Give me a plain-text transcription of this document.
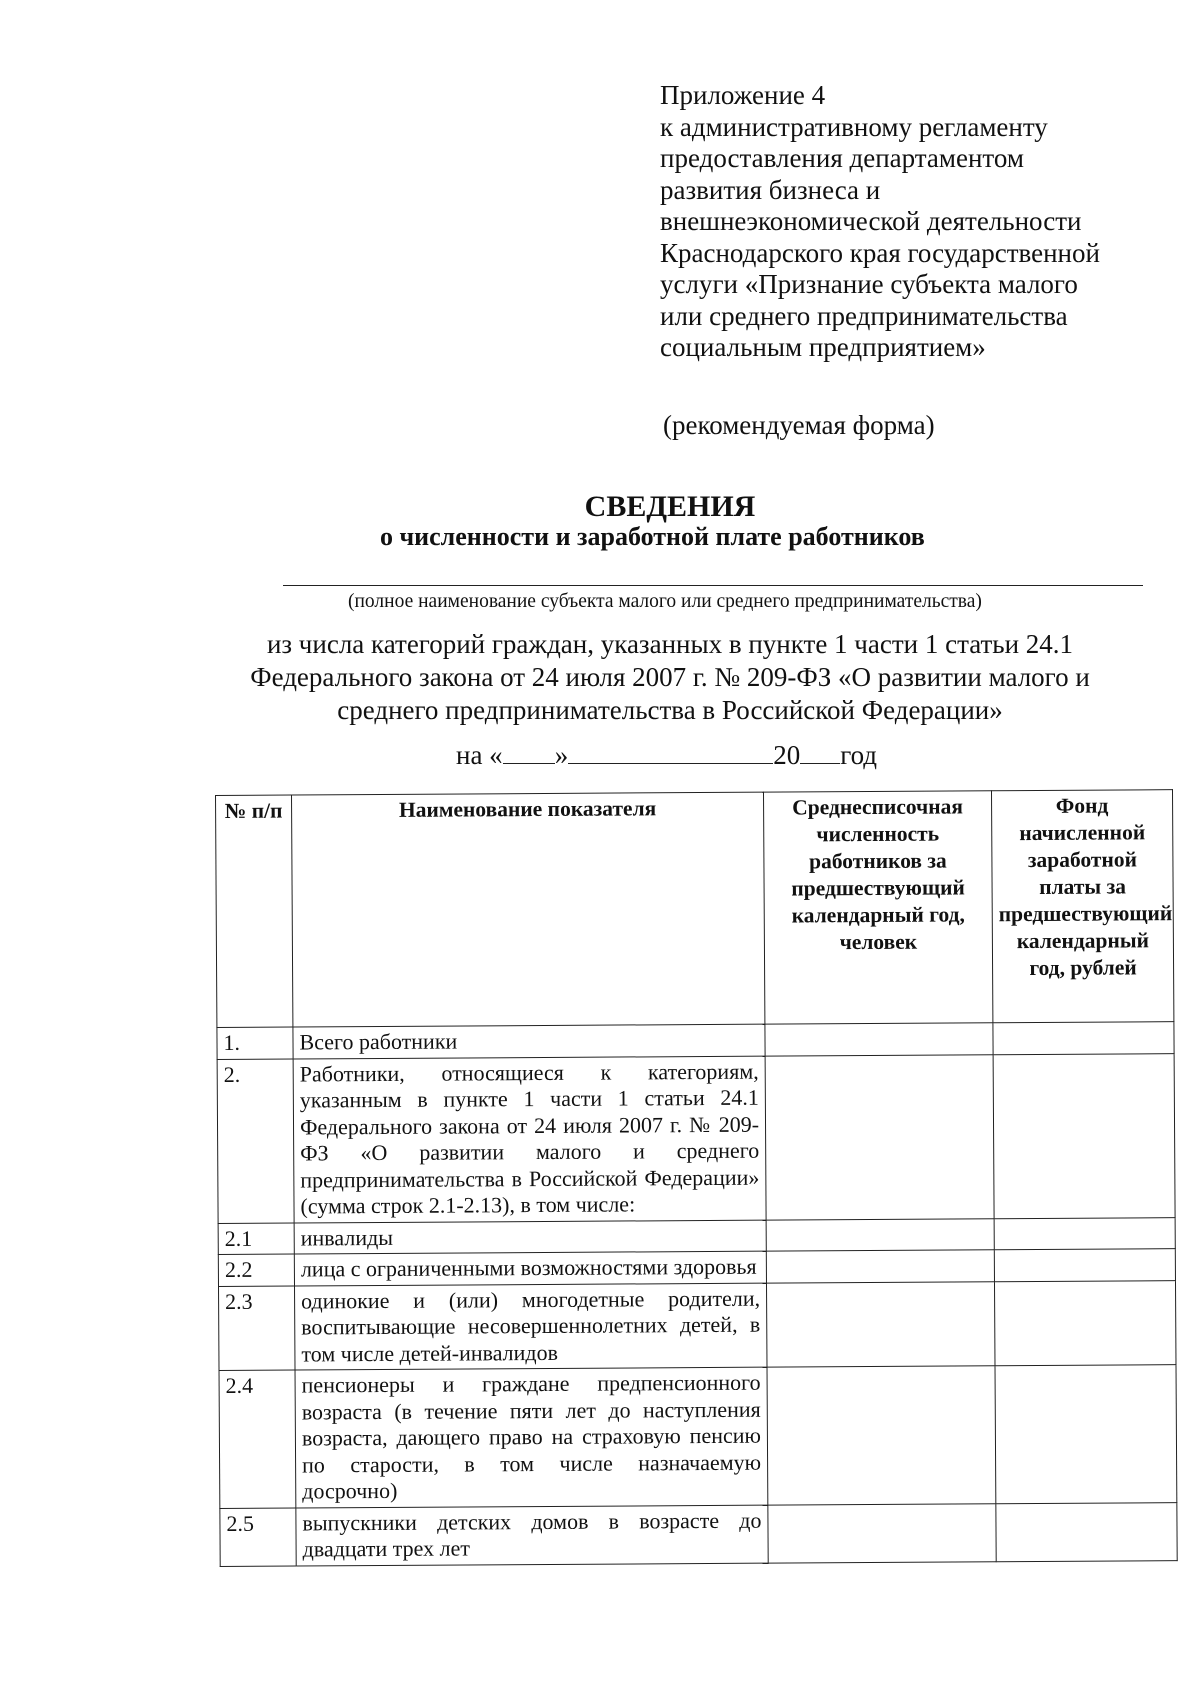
Приложение 4
к административному регламенту
предоставления департаментом
развития бизнеса и
внешнеэкономической деятельности
Краснодарского края государственной
услуги «Признание субъекта малого
или среднего предпринимательства
социальным предприятием»
(рекомендуемая форма)
СВЕДЕНИЯ
о численности и заработной плате работников
(полное наименование субъекта малого или среднего предпринимательства)
из числа категорий граждан, указанных в пункте 1 части 1 статьи 24.1
Федерального закона от 24 июля 2007 г. № 209-ФЗ «О развитии малого и
среднего предпринимательства в Российской Федерации»
на « »	20 год
№ п/п	Наименование показателя	Среднесписочная численность работников за предшествующий календарный год, человек	Фонд начисленной заработной платы за предшествующий календарный год, рублей
1.	Всего работники		
2.	Работники, относящиеся к категориям, указанным в пункте 1 части 1 статьи 24.1 Федерального закона от 24 июля 2007 г. № 209-ФЗ «О развитии малого и среднего предпринимательства в Российской Федерации» (сумма строк 2.1-2.13), в том числе:		
2.1	инвалиды		
2.2	лица с ограниченными возможностями здоровья		
2.3	одинокие и (или) многодетные родители, воспитывающие несовершеннолетних детей, в том числе детей-инвалидов		
2.4	пенсионеры и граждане предпенсионного возраста (в течение пяти лет до наступления возраста, дающего право на страховую пенсию по старости, в том числе назначаемую досрочно)		
2.5	выпускники детских домов в возрасте до двадцати трех лет		
